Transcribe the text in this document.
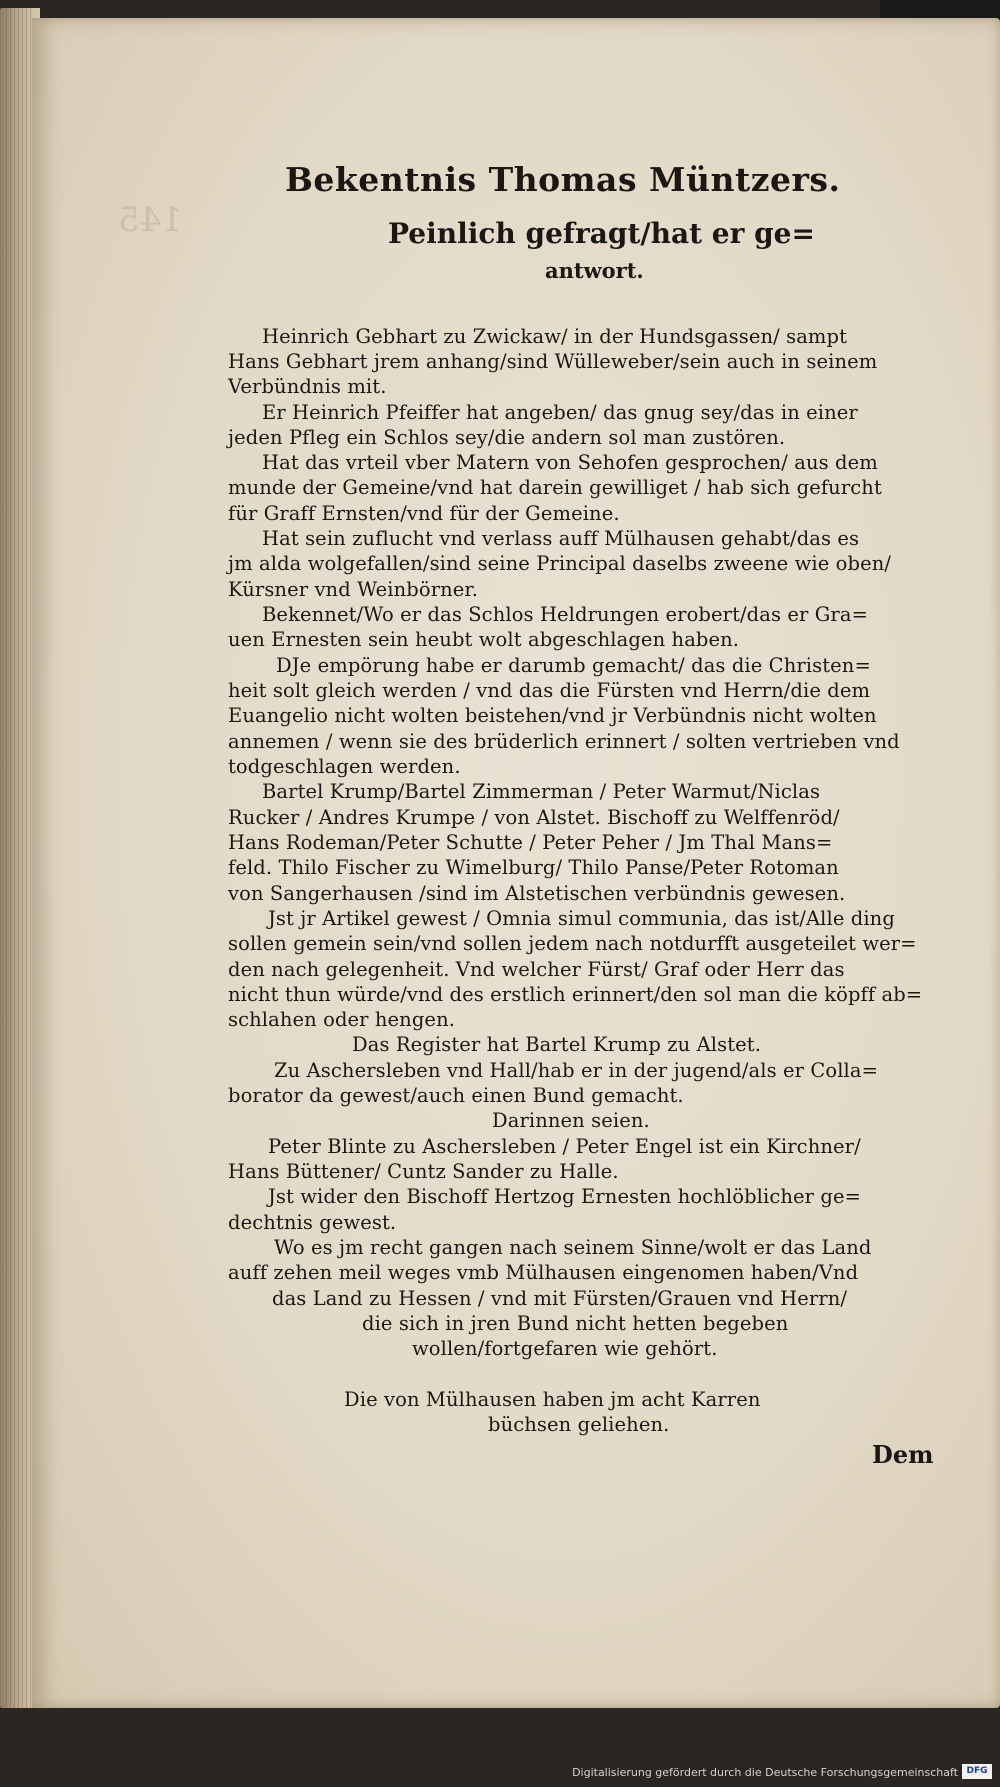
145
Digitalisierung gefördert durch die Deutsche Forschungsgemeinschaft DFG
Bekentnis Thomas Müntzers.
Peinlich gefragt/hat er ge=
antwort.
Heinrich Gebhart zu Zwickaw/ in der Hundsgassen/ sampt
Hans Gebhart jrem anhang/sind Wülleweber/sein auch in seinem
Verbündnis mit.
Er Heinrich Pfeiffer hat angeben/ das gnug sey/das in einer
jeden Pfleg ein Schlos sey/die andern sol man zustören.
Hat das vrteil vber Matern von Sehofen gesprochen/ aus dem
munde der Gemeine/vnd hat darein gewilliget / hab sich gefurcht
für Graff Ernsten/vnd für der Gemeine.
Hat sein zuflucht vnd verlass auff Mülhausen gehabt/das es
jm alda wolgefallen/sind seine Principal daselbs zweene wie oben/
Kürsner vnd Weinbörner.
Bekennet/Wo er das Schlos Heldrungen erobert/das er Gra=
uen Ernesten sein heubt wolt abgeschlagen haben.
DJe empörung habe er darumb gemacht/ das die Christen=
heit solt gleich werden / vnd das die Fürsten vnd Herrn/die dem
Euangelio nicht wolten beistehen/vnd jr Verbündnis nicht wolten
annemen / wenn sie des brüderlich erinnert / solten vertrieben vnd
todgeschlagen werden.
Bartel Krump/Bartel Zimmerman / Peter Warmut/Niclas
Rucker / Andres Krumpe / von Alstet. Bischoff zu Welffenröd/
Hans Rodeman/Peter Schutte / Peter Peher / Jm Thal Mans=
feld. Thilo Fischer zu Wimelburg/ Thilo Panse/Peter Rotoman
von Sangerhausen /sind im Alstetischen verbündnis gewesen.
Jst jr Artikel gewest / Omnia simul communia, das ist/Alle ding
sollen gemein sein/vnd sollen jedem nach notdurfft ausgeteilet wer=
den nach gelegenheit. Vnd welcher Fürst/ Graf oder Herr das
nicht thun würde/vnd des erstlich erinnert/den sol man die köpff ab=
schlahen oder hengen.
Das Register hat Bartel Krump zu Alstet.
Zu Aschersleben vnd Hall/hab er in der jugend/als er Colla=
borator da gewest/auch einen Bund gemacht.
Darinnen seien.
Peter Blinte zu Aschersleben / Peter Engel ist ein Kirchner/
Hans Büttener/ Cuntz Sander zu Halle.
Jst wider den Bischoff Hertzog Ernesten hochlöblicher ge=
dechtnis gewest.
Wo es jm recht gangen nach seinem Sinne/wolt er das Land
auff zehen meil weges vmb Mülhausen eingenomen haben/Vnd
das Land zu Hessen / vnd mit Fürsten/Grauen vnd Herrn/
die sich in jren Bund nicht hetten begeben
wollen/fortgefaren wie gehört.
Die von Mülhausen haben jm acht Karren
büchsen geliehen.
Dem
